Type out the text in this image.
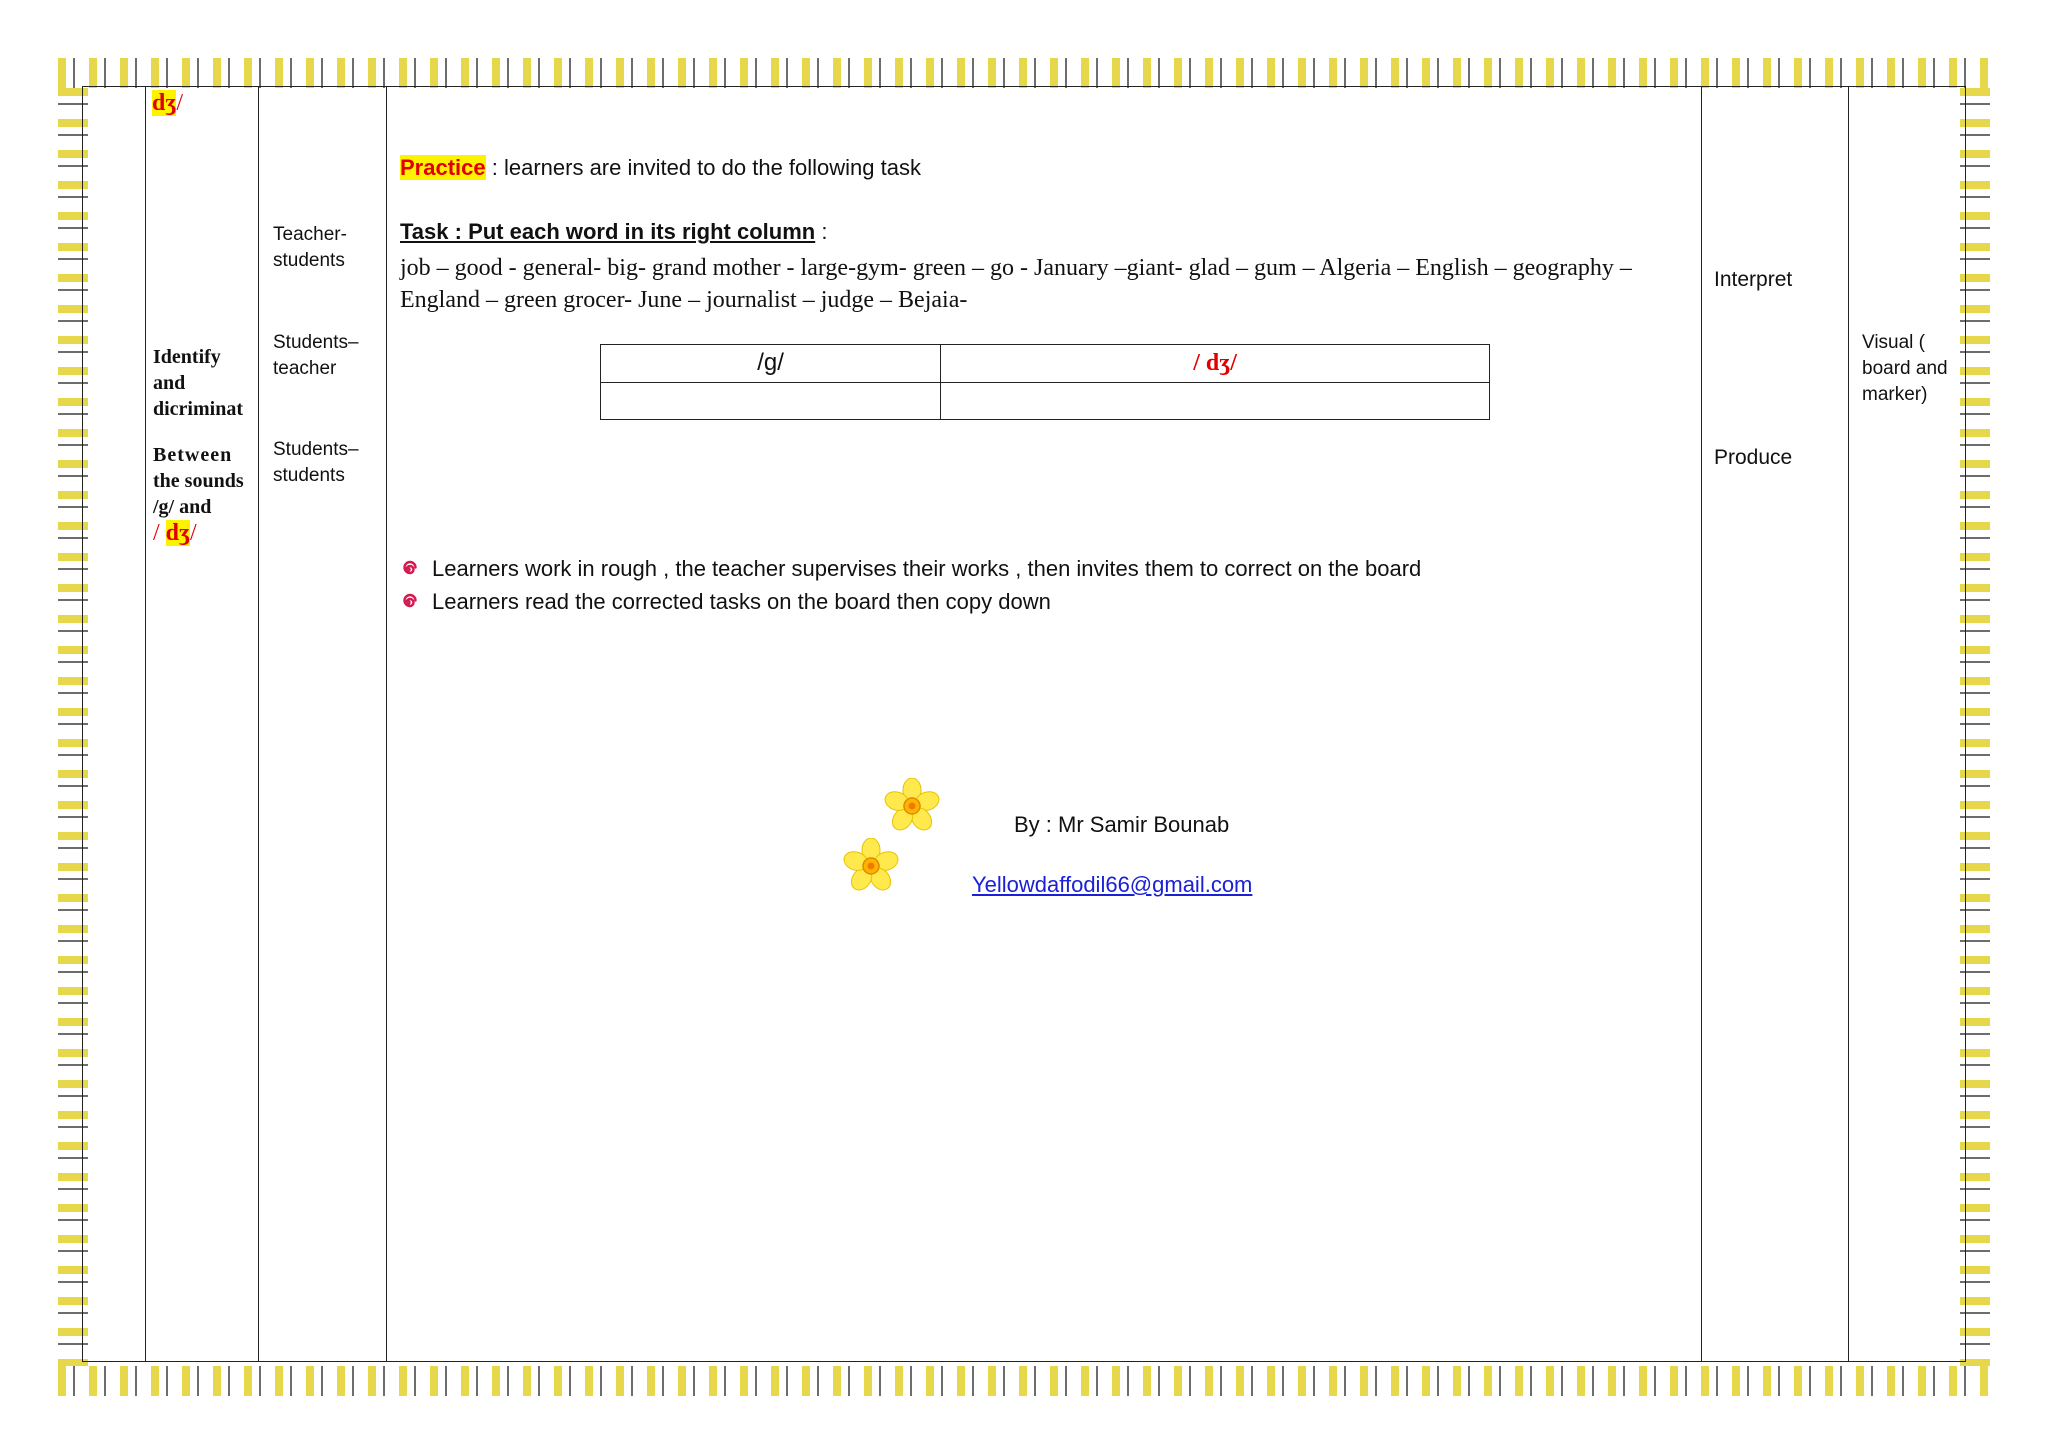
dʒ/

Identify

and

dicriminat

Between

the sounds

/g/ and

/ dʒ/

Teacher-
students
Students–
teacher
Students–
students
Practice : learners are invited to do the following task
Task : Put each word in its right column :
job – good - general- big- grand mother - large-gym- green – go - January –giant- glad – gum – Algeria – English – geography – England – green grocer- June – journalist – judge – Bejaia-
/g/	/ dʒ/

Learners work in rough , the teacher supervises their works , then invites them to correct on the board
Learners read the corrected tasks on the board then copy down
By : Mr Samir Bounab
Yellowdaffodil66@gmail.com
Interpret
Produce
Visual (
board and
marker)
